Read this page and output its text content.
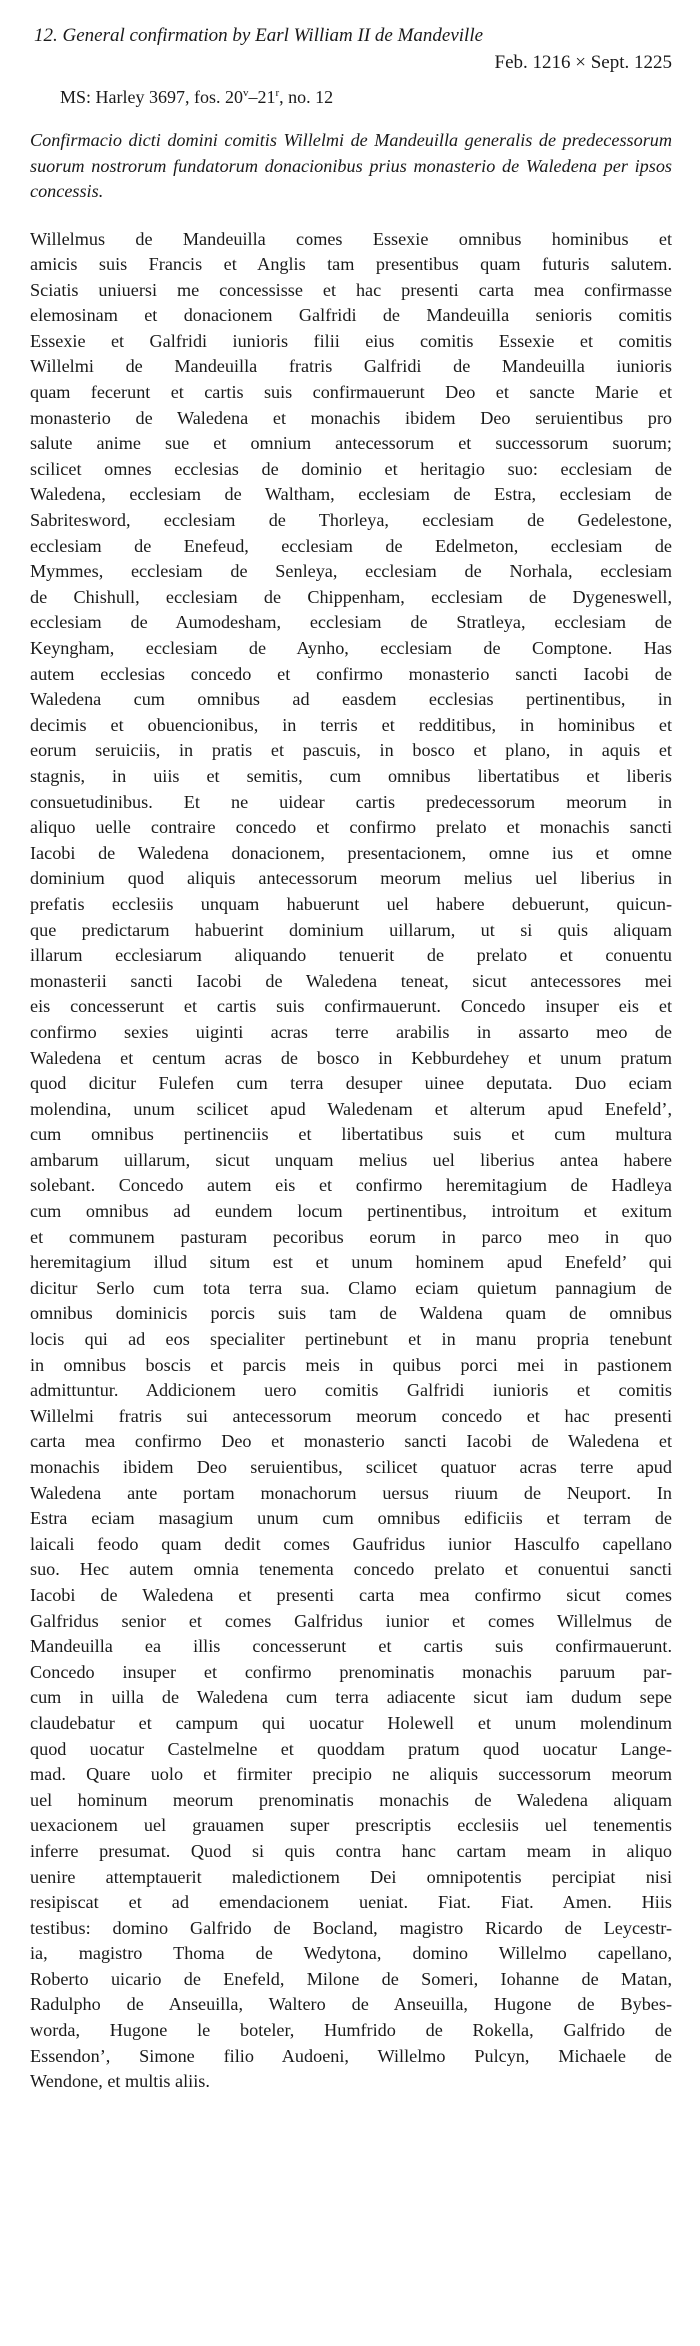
12. General confirmation by Earl William II de Mandeville

Feb. 1216 × Sept. 1225

MS: Harley 3697, fos. 20$^v$–21$^r$, no. 12

Confirmacio dicti domini comitis Willelmi de Mandeuilla generalis de predecessorum suorum nostrorum fundatorum donacionibus prius monasterio de Waledena per ipsos concessis.

Willelmus de Mandeuilla comes Essexie omnibus hominibus et
amicis suis Francis et Anglis tam presentibus quam futuris salutem.
Sciatis uniuersi me concessisse et hac presenti carta mea confirmasse
elemosinam et donacionem Galfridi de Mandeuilla senioris comitis
Essexie et Galfridi iunioris filii eius comitis Essexie et comitis
Willelmi de Mandeuilla fratris Galfridi de Mandeuilla iunioris
quam fecerunt et cartis suis confirmauerunt Deo et sancte Marie et
monasterio de Waledena et monachis ibidem Deo seruientibus pro
salute anime sue et omnium antecessorum et successorum suorum;
scilicet omnes ecclesias de dominio et heritagio suo: ecclesiam de
Waledena, ecclesiam de Waltham, ecclesiam de Estra, ecclesiam de
Sabritesword, ecclesiam de Thorleya, ecclesiam de Gedelestone,
ecclesiam de Enefeud, ecclesiam de Edelmeton, ecclesiam de
Mymmes, ecclesiam de Senleya, ecclesiam de Norhala, ecclesiam
de Chishull, ecclesiam de Chippenham, ecclesiam de Dygeneswell,
ecclesiam de Aumodesham, ecclesiam de Stratleya, ecclesiam de
Keyngham, ecclesiam de Aynho, ecclesiam de Comptone. Has
autem ecclesias concedo et confirmo monasterio sancti Iacobi de
Waledena cum omnibus ad easdem ecclesias pertinentibus, in
decimis et obuencionibus, in terris et redditibus, in hominibus et
eorum seruiciis, in pratis et pascuis, in bosco et plano, in aquis et
stagnis, in uiis et semitis, cum omnibus libertatibus et liberis
consuetudinibus. Et ne uidear cartis predecessorum meorum in
aliquo uelle contraire concedo et confirmo prelato et monachis sancti
Iacobi de Waledena donacionem, presentacionem, omne ius et omne
dominium quod aliquis antecessorum meorum melius uel liberius in
prefatis ecclesiis unquam habuerunt uel habere debuerunt, quicun-
que predictarum habuerint dominium uillarum, ut si quis aliquam
illarum ecclesiarum aliquando tenuerit de prelato et conuentu
monasterii sancti Iacobi de Waledena teneat, sicut antecessores mei
eis concesserunt et cartis suis confirmauerunt. Concedo insuper eis et
confirmo sexies uiginti acras terre arabilis in assarto meo de
Waledena et centum acras de bosco in Kebburdehey et unum pratum
quod dicitur Fulefen cum terra desuper uinee deputata. Duo eciam
molendina, unum scilicet apud Waledenam et alterum apud Enefeld’,
cum omnibus pertinenciis et libertatibus suis et cum multura
ambarum uillarum, sicut unquam melius uel liberius antea habere
solebant. Concedo autem eis et confirmo heremitagium de Hadleya
cum omnibus ad eundem locum pertinentibus, introitum et exitum
et communem pasturam pecoribus eorum in parco meo in quo
heremitagium illud situm est et unum hominem apud Enefeld’ qui
dicitur Serlo cum tota terra sua. Clamo eciam quietum pannagium de
omnibus dominicis porcis suis tam de Waldena quam de omnibus
locis qui ad eos specialiter pertinebunt et in manu propria tenebunt
in omnibus boscis et parcis meis in quibus porci mei in pastionem
admittuntur. Addicionem uero comitis Galfridi iunioris et comitis
Willelmi fratris sui antecessorum meorum concedo et hac presenti
carta mea confirmo Deo et monasterio sancti Iacobi de Waledena et
monachis ibidem Deo seruientibus, scilicet quatuor acras terre apud
Waledena ante portam monachorum uersus riuum de Neuport. In
Estra eciam masagium unum cum omnibus edificiis et terram de
laicali feodo quam dedit comes Gaufridus iunior Hasculfo capellano
suo. Hec autem omnia tenementa concedo prelato et conuentui sancti
Iacobi de Waledena et presenti carta mea confirmo sicut comes
Galfridus senior et comes Galfridus iunior et comes Willelmus de
Mandeuilla ea illis concesserunt et cartis suis confirmauerunt.
Concedo insuper et confirmo prenominatis monachis paruum par-
cum in uilla de Waledena cum terra adiacente sicut iam dudum sepe
claudebatur et campum qui uocatur Holewell et unum molendinum
quod uocatur Castelmelne et quoddam pratum quod uocatur Lange-
mad. Quare uolo et firmiter precipio ne aliquis successorum meorum
uel hominum meorum prenominatis monachis de Waledena aliquam
uexacionem uel grauamen super prescriptis ecclesiis uel tenementis
inferre presumat. Quod si quis contra hanc cartam meam in aliquo
uenire attemptauerit maledictionem Dei omnipotentis percipiat nisi
resipiscat et ad emendacionem ueniat. Fiat. Fiat. Amen. Hiis
testibus: domino Galfrido de Bocland, magistro Ricardo de Leycestr-
ia, magistro Thoma de Wedytona, domino Willelmo capellano,
Roberto uicario de Enefeld, Milone de Someri, Iohanne de Matan,
Radulpho de Anseuilla, Waltero de Anseuilla, Hugone de Bybes-
worda, Hugone le boteler, Humfrido de Rokella, Galfrido de
Essendon’, Simone filio Audoeni, Willelmo Pulcyn, Michaele de
Wendone, et multis aliis.
